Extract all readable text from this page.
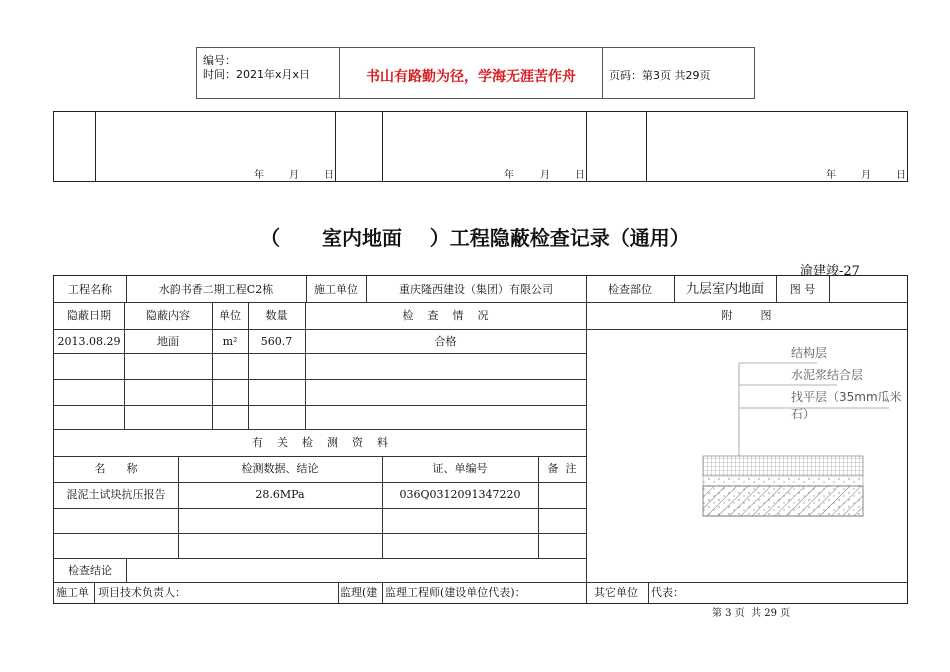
编号：
时间：2021年x月x日	书山有路勤为径，学海无涯苦作舟	页码：第3页 共29页
年	月	日	年	月	日	年	月	日
（      室内地面    ）工程隐蔽检查记录（通用）
渝建竣-27
工程名称	水韵书香二期工程C2栋	施工单位	重庆隆西建设（集团）有限公司	检查部位	九层室内地面	图 号
隐蔽日期	隐蔽内容	单位	数量	检    查    情    况	附        图
2013.08.29	地面	m²	560.7	合格
有    关    检    测    资    料
名      称	检测数据、结论	证、单编号	备  注
混泥土试块抗压报告	28.6MPa	036Q0312091347220
检查结论
施工单 项目技术负责人：	监理(建 监理工程师(建设单位代表)：	其它单位 代表：
结构层
水泥浆结合层
找平层（35mm瓜米石）
第 3 页  共 29 页
